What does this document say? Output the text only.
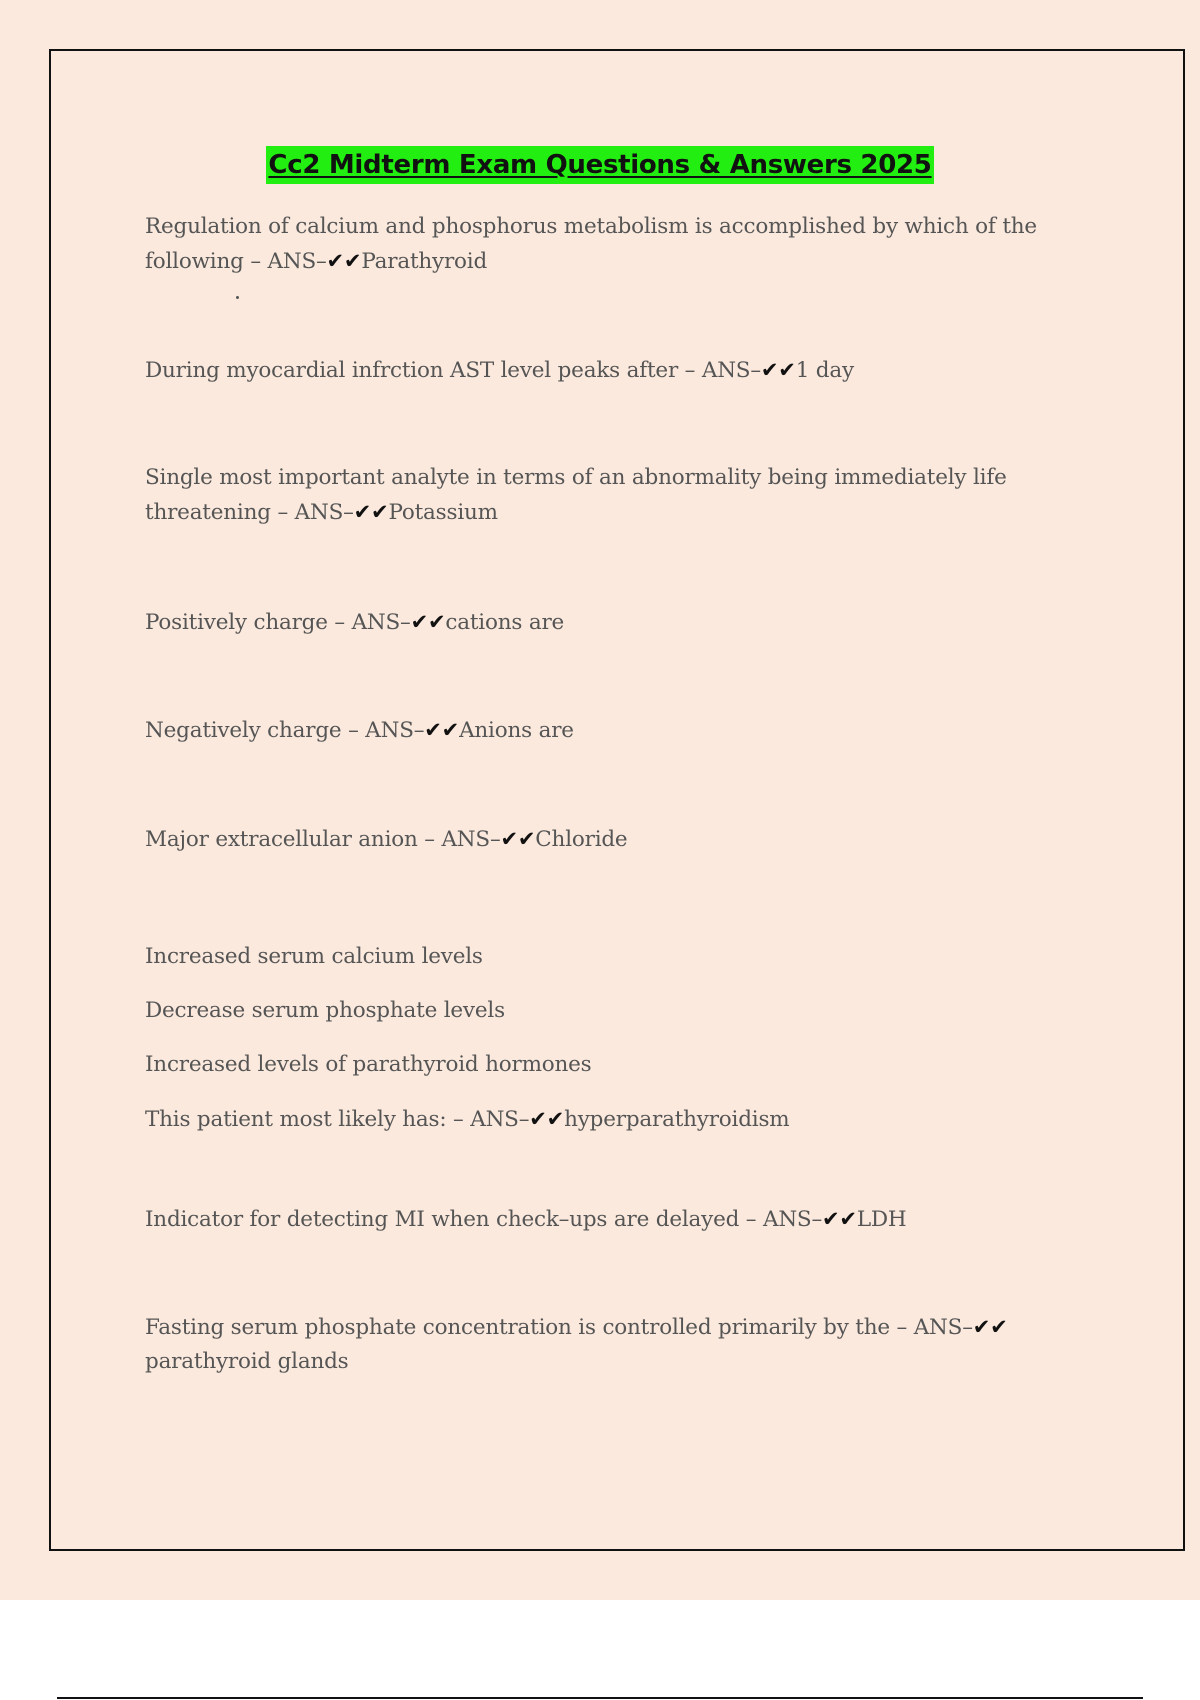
Cc2 Midterm Exam Questions & Answers 2025
Regulation of calcium and phosphorus metabolism is accomplished by which of the
following – ANS–✔✔Parathyroid
During myocardial infrction AST level peaks after – ANS–✔✔1 day
Single most important analyte in terms of an abnormality being immediately life
threatening – ANS–✔✔Potassium
Positively charge – ANS–✔✔cations are
Negatively charge – ANS–✔✔Anions are
Major extracellular anion – ANS–✔✔Chloride
Increased serum calcium levels
Decrease serum phosphate levels
Increased levels of parathyroid hormones
This patient most likely has: – ANS–✔✔hyperparathyroidism
Indicator for detecting MI when check–ups are delayed – ANS–✔✔LDH
Fasting serum phosphate concentration is controlled primarily by the – ANS–✔✔
parathyroid glands
